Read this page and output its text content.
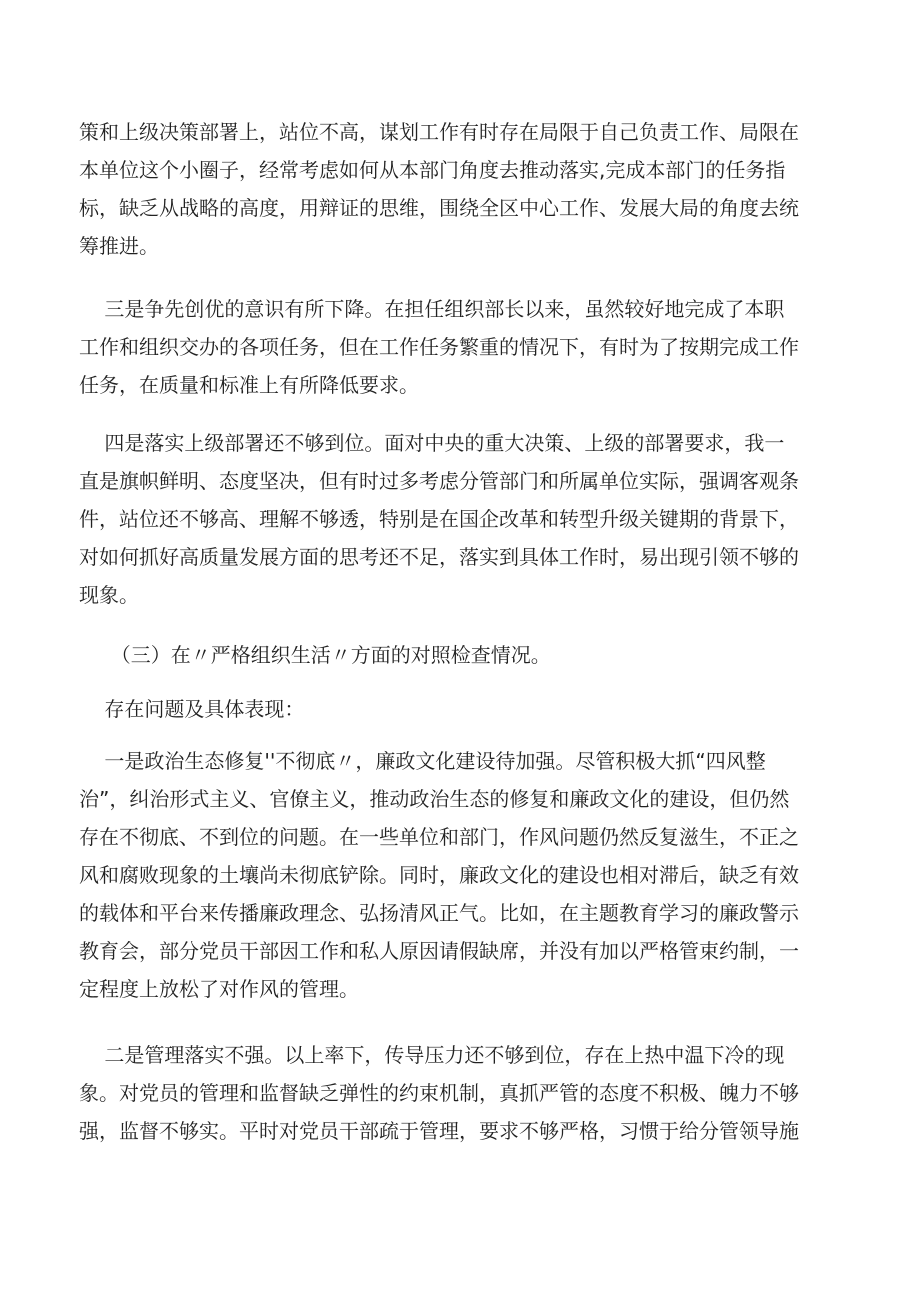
策和上级决策部署上，站位不高，谋划工作有时存在局限于自己负责工作、局限在
本单位这个小圈子，经常考虑如何从本部门角度去推动落实,完成本部门的任务指
标，缺乏从战略的高度，用辩证的思维，围绕全区中心工作、发展大局的角度去统
筹推进。
三是争先创优的意识有所下降。在担任组织部长以来，虽然较好地完成了本职
工作和组织交办的各项任务，但在工作任务繁重的情况下，有时为了按期完成工作
任务，在质量和标准上有所降低要求。
四是落实上级部署还不够到位。面对中央的重大决策、上级的部署要求，我一
直是旗帜鲜明、态度坚决，但有时过多考虑分管部门和所属单位实际，强调客观条
件，站位还不够高、理解不够透，特别是在国企改革和转型升级关键期的背景下，
对如何抓好高质量发展方面的思考还不足，落实到具体工作时，易出现引领不够的
现象。
（三）在〃严格组织生活〃方面的对照检查情况。
存在问题及具体表现：
一是政治生态修复''不彻底〃，廉政文化建设待加强。尽管积极大抓“四风整
治”，纠治形式主义、官僚主义，推动政治生态的修复和廉政文化的建设，但仍然
存在不彻底、不到位的问题。在一些单位和部门，作风问题仍然反复滋生，不正之
风和腐败现象的土壤尚未彻底铲除。同时，廉政文化的建设也相对滞后，缺乏有效
的载体和平台来传播廉政理念、弘扬清风正气。比如，在主题教育学习的廉政警示
教育会，部分党员干部因工作和私人原因请假缺席，并没有加以严格管束约制，一
定程度上放松了对作风的管理。
二是管理落实不强。以上率下，传导压力还不够到位，存在上热中温下冷的现
象。对党员的管理和监督缺乏弹性的约束机制，真抓严管的态度不积极、魄力不够
强，监督不够实。平时对党员干部疏于管理，要求不够严格，习惯于给分管领导施
